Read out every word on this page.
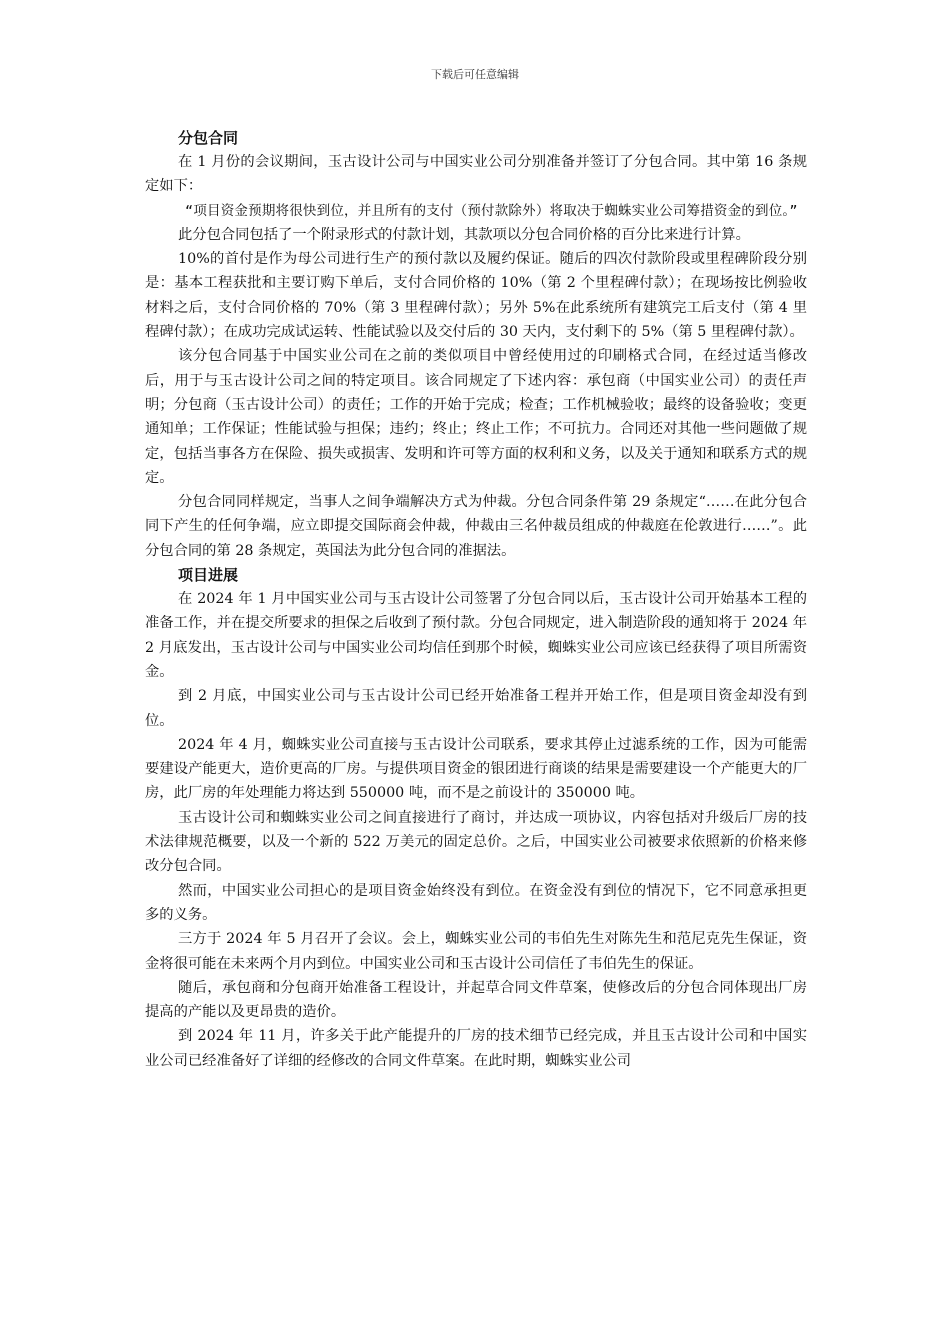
下载后可任意编辑
分包合同

在 1 月份的会议期间，玉古设计公司与中国实业公司分别准备并签订了分包合同。其中第 16 条规定如下：

“项目资金预期将很快到位，并且所有的支付（预付款除外）将取决于蜘蛛实业公司筹措资金的到位。”

此分包合同包括了一个附录形式的付款计划，其款项以分包合同价格的百分比来进行计算。

10%的首付是作为母公司进行生产的预付款以及履约保证。随后的四次付款阶段或里程碑阶段分别是：基本工程获批和主要订购下单后，支付合同价格的 10%（第 2 个里程碑付款）；在现场按比例验收材料之后，支付合同价格的 70%（第 3 里程碑付款）；另外 5%在此系统所有建筑完工后支付（第 4 里程碑付款）；在成功完成试运转、性能试验以及交付后的 30 天内，支付剩下的 5%（第 5 里程碑付款）。

该分包合同基于中国实业公司在之前的类似项目中曾经使用过的印刷格式合同，在经过适当修改后，用于与玉古设计公司之间的特定项目。该合同规定了下述内容：承包商（中国实业公司）的责任声明；分包商（玉古设计公司）的责任；工作的开始于完成；检查；工作机械验收；最终的设备验收；变更通知单；工作保证；性能试验与担保；违约；终止；终止工作；不可抗力。合同还对其他一些问题做了规定，包括当事各方在保险、损失或损害、发明和许可等方面的权利和义务，以及关于通知和联系方式的规定。

分包合同同样规定，当事人之间争端解决方式为仲裁。分包合同条件第 29 条规定“……在此分包合同下产生的任何争端，应立即提交国际商会仲裁，仲裁由三名仲裁员组成的仲裁庭在伦敦进行……”。此分包合同的第 28 条规定，英国法为此分包合同的准据法。

项目进展

在 2024 年 1 月中国实业公司与玉古设计公司签署了分包合同以后，玉古设计公司开始基本工程的准备工作，并在提交所要求的担保之后收到了预付款。分包合同规定，进入制造阶段的通知将于 2024 年 2 月底发出，玉古设计公司与中国实业公司均信任到那个时候，蜘蛛实业公司应该已经获得了项目所需资金。

到 2 月底，中国实业公司与玉古设计公司已经开始准备工程并开始工作，但是项目资金却没有到位。

2024 年 4 月，蜘蛛实业公司直接与玉古设计公司联系，要求其停止过滤系统的工作，因为可能需要建设产能更大，造价更高的厂房。与提供项目资金的银团进行商谈的结果是需要建设一个产能更大的厂房，此厂房的年处理能力将达到 550000 吨，而不是之前设计的 350000 吨。

玉古设计公司和蜘蛛实业公司之间直接进行了商讨，并达成一项协议，内容包括对升级后厂房的技术法律规范概要，以及一个新的 522 万美元的固定总价。之后，中国实业公司被要求依照新的价格来修改分包合同。

然而，中国实业公司担心的是项目资金始终没有到位。在资金没有到位的情况下，它不同意承担更多的义务。

三方于 2024 年 5 月召开了会议。会上，蜘蛛实业公司的韦伯先生对陈先生和范尼克先生保证，资金将很可能在未来两个月内到位。中国实业公司和玉古设计公司信任了韦伯先生的保证。

随后，承包商和分包商开始准备工程设计，并起草合同文件草案，使修改后的分包合同体现出厂房提高的产能以及更昂贵的造价。

到 2024 年 11 月，许多关于此产能提升的厂房的技术细节已经完成，并且玉古设计公司和中国实业公司已经准备好了详细的经修改的合同文件草案。在此时期，蜘蛛实业公司
